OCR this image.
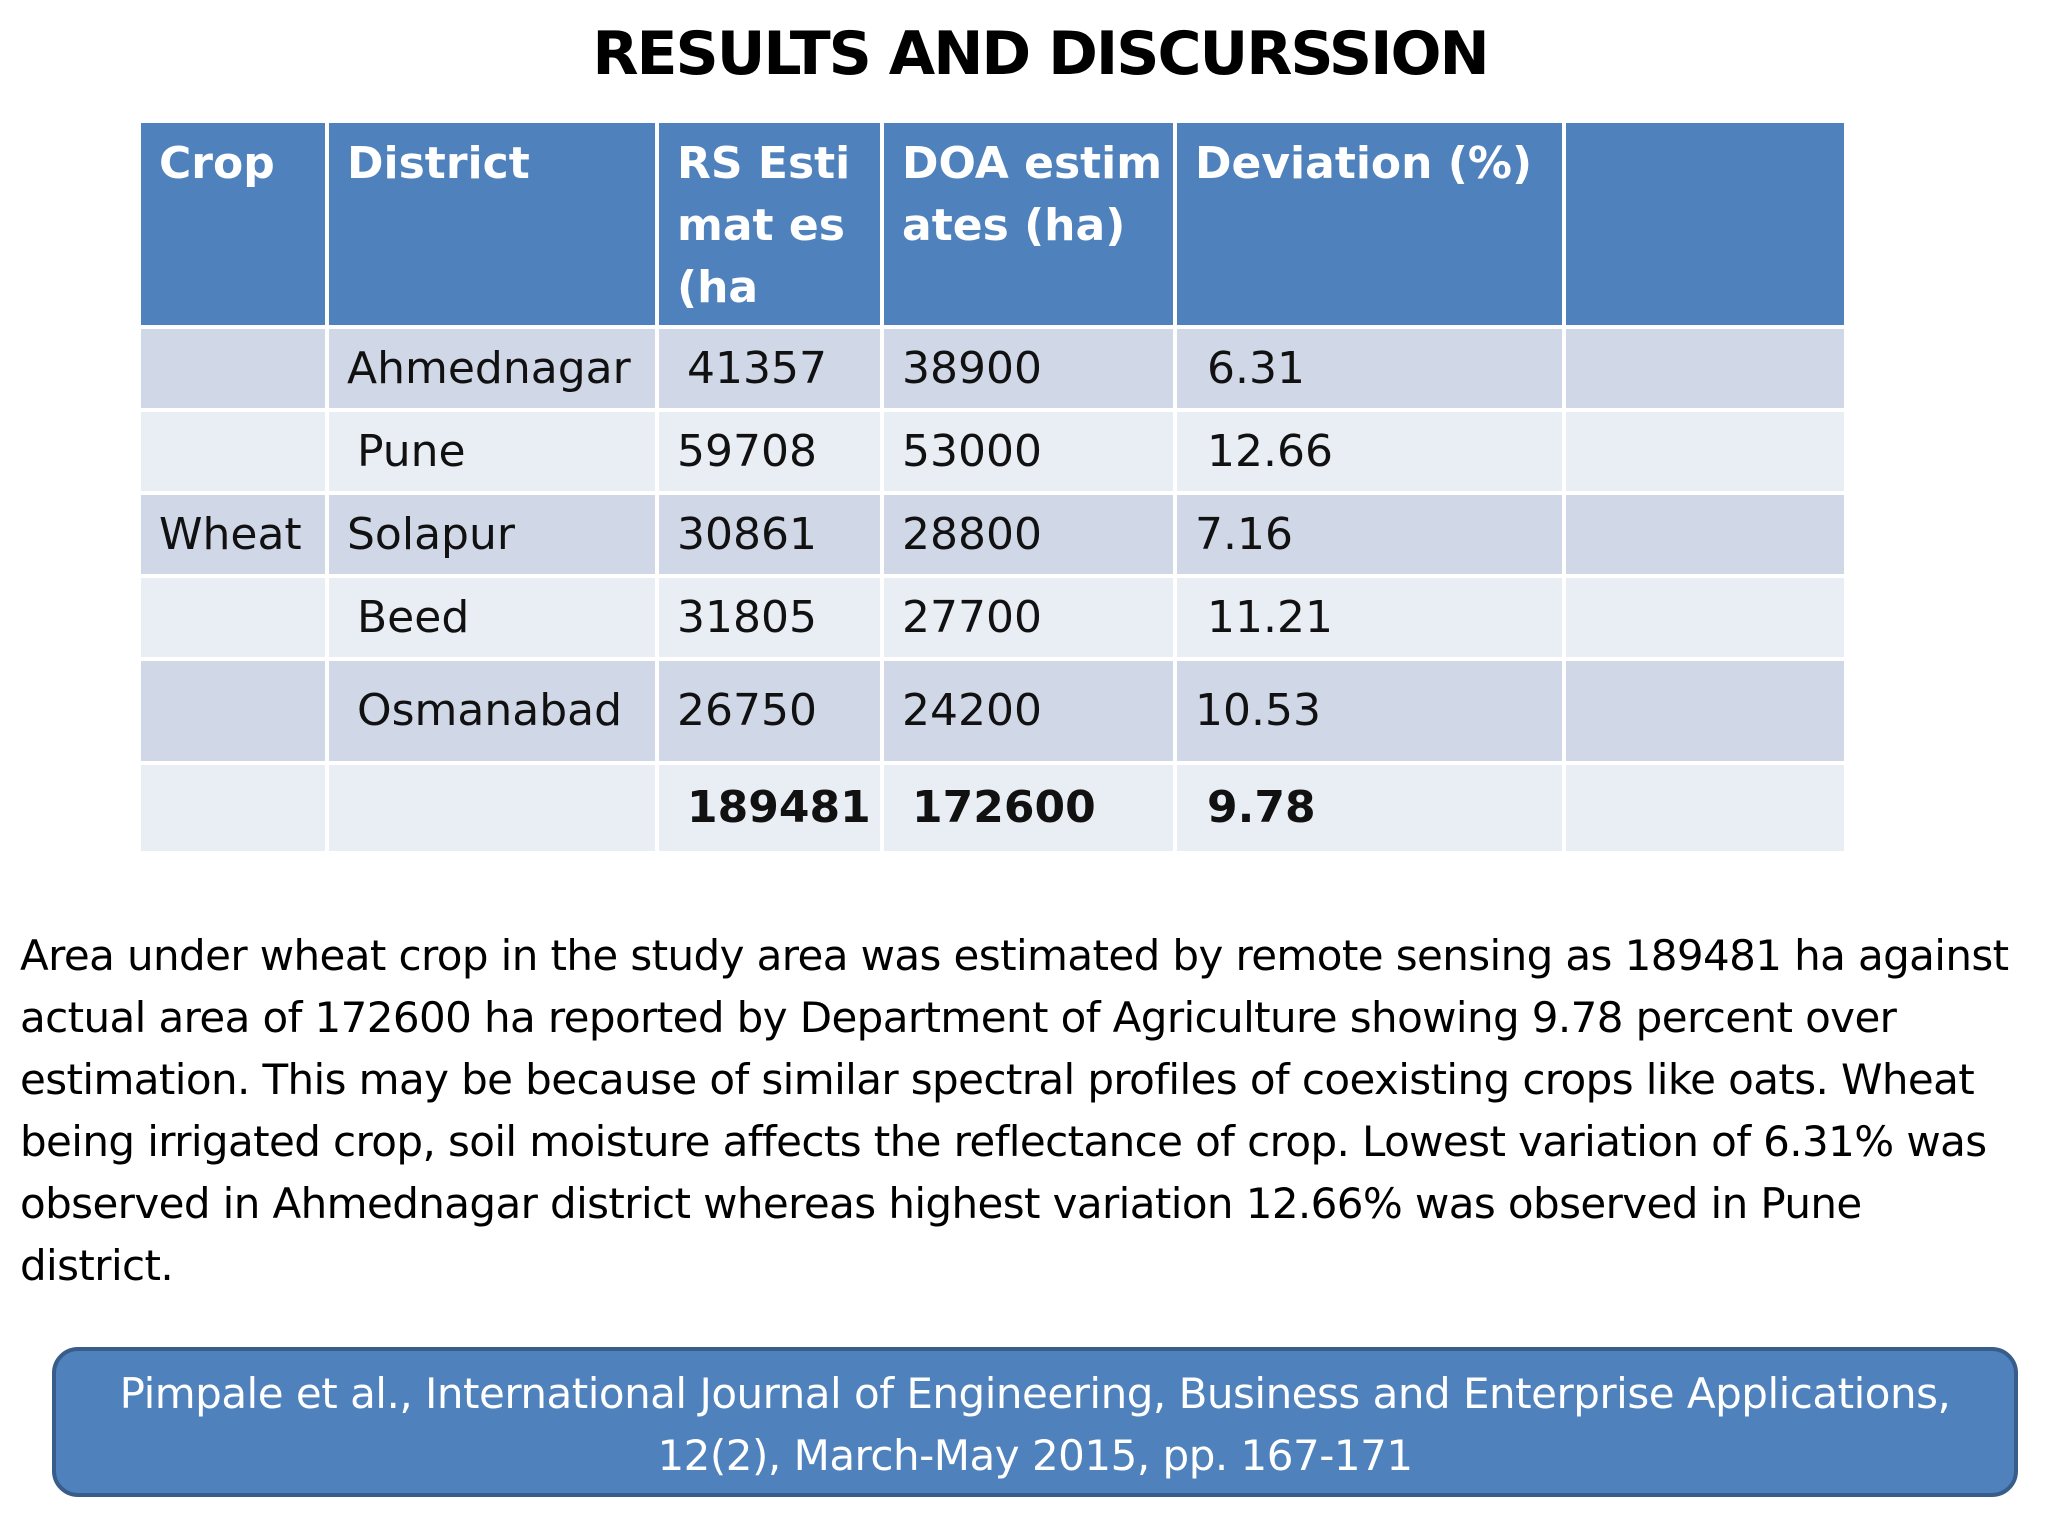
RESULTS AND DISCURSSION
Crop	District	RS Estimat es (ha	DOA estimates (ha)	Deviation (%)	
	Ahmednagar	41357	38900	6.31	
	Pune	59708	53000	12.66	
Wheat	Solapur	30861	28800	7.16	
	Beed	31805	27700	11.21	
	Osmanabad	26750	24200	10.53	
		189481	172600	9.78	
Area under wheat crop in the study area was estimated by remote sensing as 189481 ha against actual area of 172600 ha reported by Department of Agriculture showing 9.78 percent over estimation. This may be because of similar spectral profiles of coexisting crops like oats. Wheat being irrigated crop, soil moisture affects the reflectance of crop. Lowest variation of 6.31% was observed in Ahmednagar district whereas highest variation 12.66% was observed in Pune district.
Pimpale et al., International Journal of Engineering, Business and Enterprise Applications,
12(2), March-May 2015, pp. 167-171
